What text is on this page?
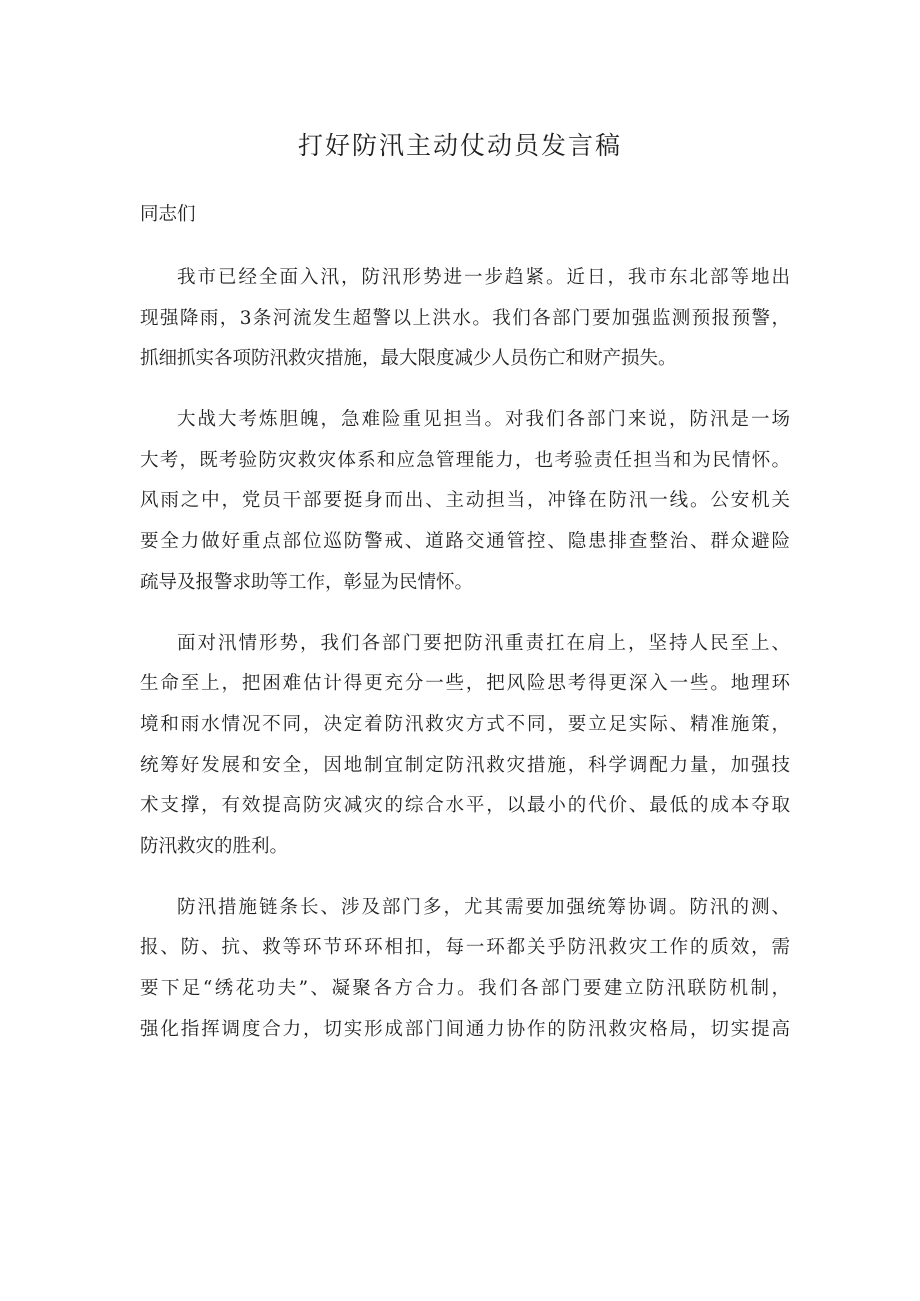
打好防汛主动仗动员发言稿

同志们

我市已经全面入汛，防汛形势进一步趋紧。近日，我市东北部等地出
现强降雨，3条河流发生超警以上洪水。我们各部门要加强监测预报预警，
抓细抓实各项防汛救灾措施，最大限度减少人员伤亡和财产损失。

大战大考炼胆魄，急难险重见担当。对我们各部门来说，防汛是一场
大考，既考验防灾救灾体系和应急管理能力，也考验责任担当和为民情怀。
风雨之中，党员干部要挺身而出、主动担当，冲锋在防汛一线。公安机关
要全力做好重点部位巡防警戒、道路交通管控、隐患排查整治、群众避险
疏导及报警求助等工作，彰显为民情怀。

面对汛情形势，我们各部门要把防汛重责扛在肩上，坚持人民至上、
生命至上，把困难估计得更充分一些，把风险思考得更深入一些。地理环
境和雨水情况不同，决定着防汛救灾方式不同，要立足实际、精准施策，
统筹好发展和安全，因地制宜制定防汛救灾措施，科学调配力量，加强技
术支撑，有效提高防灾减灾的综合水平，以最小的代价、最低的成本夺取
防汛救灾的胜利。

防汛措施链条长、涉及部门多，尤其需要加强统筹协调。防汛的测、
报、防、抗、救等环节环环相扣，每一环都关乎防汛救灾工作的质效，需
要下足“绣花功夫”、凝聚各方合力。我们各部门要建立防汛联防机制，
强化指挥调度合力，切实形成部门间通力协作的防汛救灾格局，切实提高
